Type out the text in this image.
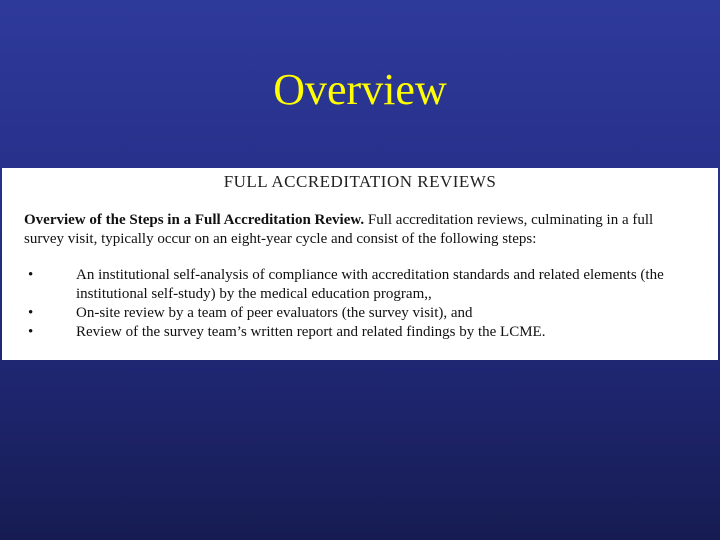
Overview
FULL ACCREDITATION REVIEWS
Overview of the Steps in a Full Accreditation Review. Full accreditation reviews, culminating in a full survey visit, typically occur on an eight-year cycle and consist of the following steps:
•	An institutional self-analysis of compliance with accreditation standards and related elements (the institutional self-study) by the medical education program,,
•	On-site review by a team of peer evaluators (the survey visit), and
•	Review of the survey team’s written report and related findings by the LCME.
